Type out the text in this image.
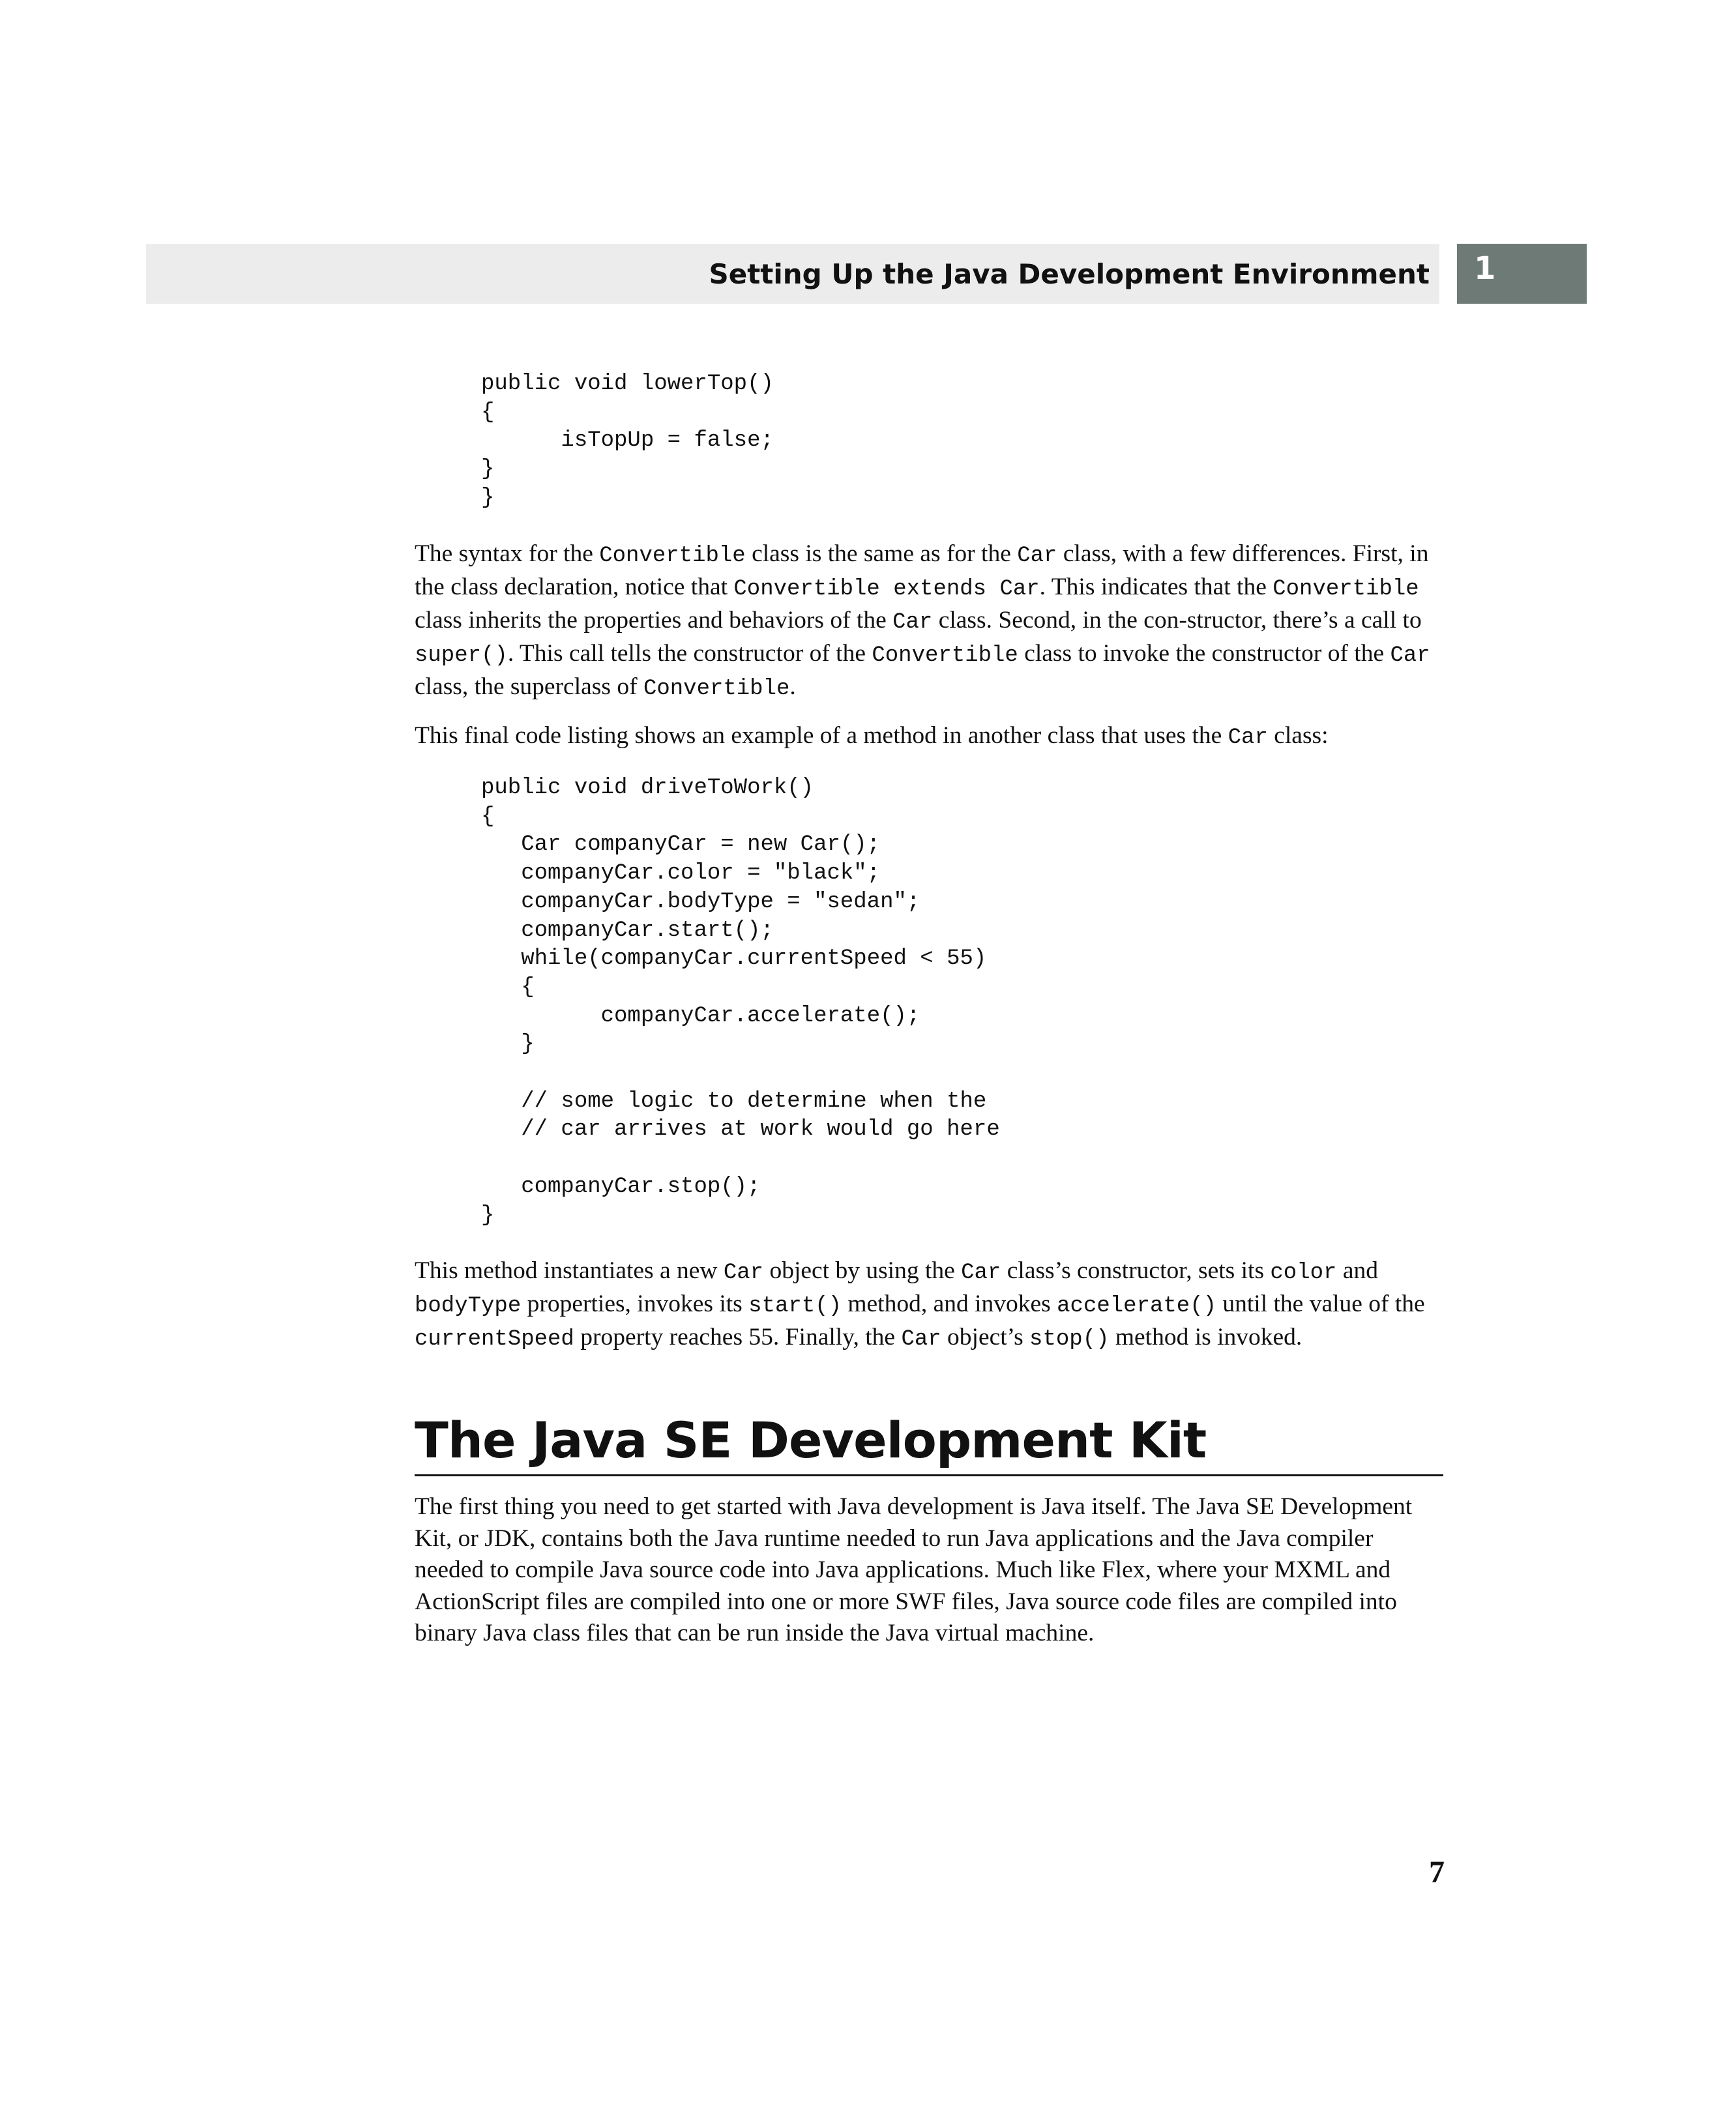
Setting Up the Java Development Environment 1
public void lowerTop()
{
isTopUp = false;
}
}

The syntax for the Convertible class is the same as for the Car class, with a few differences. First, in the class declaration, notice that Convertible extends Car. This indicates that the Convertible class inherits the properties and behaviors of the Car class. Second, in the con-structor, there’s a call to super(). This call tells the constructor of the Convertible class to invoke the constructor of the Car class, the superclass of Convertible.

This final code listing shows an example of a method in another class that uses the Car class:

public void driveToWork()
{
Car companyCar = new Car();
companyCar.color = "black";
companyCar.bodyType = "sedan";
companyCar.start();
while(companyCar.currentSpeed < 55)
{
companyCar.accelerate();
}

// some logic to determine when the
// car arrives at work would go here

companyCar.stop();
}

This method instantiates a new Car object by using the Car class’s constructor, sets its color and bodyType properties, invokes its start() method, and invokes accelerate() until the value of the currentSpeed property reaches 55. Finally, the Car object’s stop() method is invoked.

The Java SE Development Kit

The first thing you need to get started with Java development is Java itself. The Java SE Development Kit, or JDK, contains both the Java runtime needed to run Java applications and the Java compiler needed to compile Java source code into Java applications. Much like Flex, where your MXML and ActionScript files are compiled into one or more SWF files, Java source code files are compiled into binary Java class files that can be run inside the Java virtual machine.

7
